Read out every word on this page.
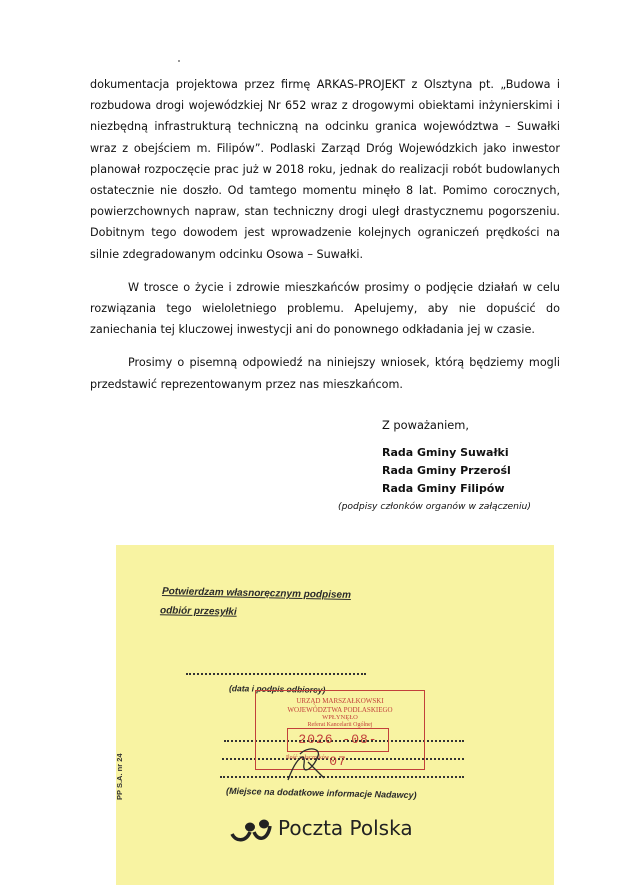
dokumentacja projektowa przez firmę ARKAS-PROJEKT z Olsztyna pt. „Budowa i rozbudowa drogi wojewódzkiej Nr 652 wraz z drogowymi obiektami inżynierskimi i niezbędną infrastrukturą techniczną na odcinku granica województwa – Suwałki wraz z obejściem m. Filipów”. Podlaski Zarząd Dróg Wojewódzkich jako inwestor planował rozpoczęcie prac już w 2018 roku, jednak do realizacji robót budowlanych ostatecznie nie doszło. Od tamtego momentu minęło 8 lat. Pomimo corocznych, powierzchownych napraw, stan techniczny drogi uległ drastycznemu pogorszeniu. Dobitnym tego dowodem jest wprowadzenie kolejnych ograniczeń prędkości na silnie zdegradowanym odcinku Osowa – Suwałki.

W trosce o życie i zdrowie mieszkańców prosimy o podjęcie działań w celu rozwiązania tego wieloletniego problemu. Apelujemy, aby nie dopuścić do zaniechania tej kluczowej inwestycji ani do ponownego odkładania jej w czasie.

Prosimy o pisemną odpowiedź na niniejszy wniosek, którą będziemy mogli przedstawić reprezentowanym przez nas mieszkańcom.

Z poważaniem,
Rada Gminy Suwałki
Rada Gminy Przerośl
Rada Gminy Filipów
(podpisy członków organów w załączeniu)
Potwierdzam własnoręcznym podpisem
odbiór przesyłki
(data i podpis odbiorcy)
URZĄD MARSZAŁKOWSKI
WOJEWÓDZTWA PODLASKIEGO
WPŁYNĘŁO
Referat Kancelarii Ogólnej
Ilość załączników
2026 -08- 07
(Miejsce na dodatkowe informacje Nadawcy)
PP S.A. nr 24
Poczta Polska
